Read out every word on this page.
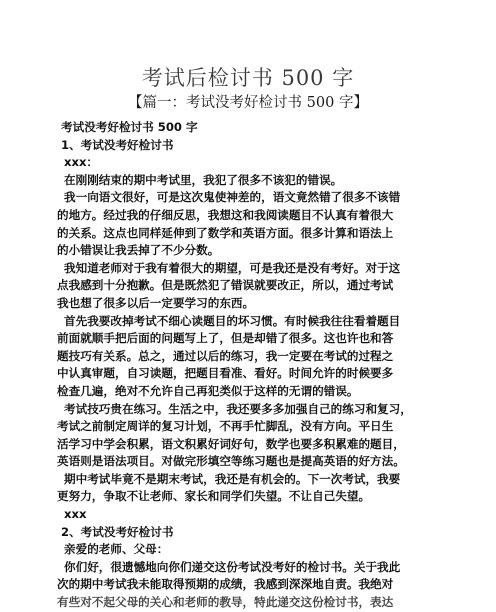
考试后检讨书 500 字
【篇一：考试没考好检讨书 500 字】
考试没考好检讨书 500 字
1、考试没考好检讨书
xxx：
在刚刚结束的期中考试里，我犯了很多不该犯的错误。
我一向语文很好，可是这次鬼使神差的，语文竟然错了很多不该错
的地方。经过我的仔细反思，我想这和我阅读题目不认真有着很大
的关系。这点也同样延伸到了数学和英语方面。很多计算和语法上
的小错误让我丢掉了不少分数。
我知道老师对于我有着很大的期望，可是我还是没有考好。对于这
点我感到十分抱歉。但是既然犯了错误就要改正，所以，通过考试
我也想了很多以后一定要学习的东西。
首先我要改掉考试不细心读题目的坏习惯。有时候我往往看着题目
前面就顺手把后面的问题写上了，但是却错了很多。这也许也和答
题技巧有关系。总之，通过以后的练习，我一定要在考试的过程之
中认真审题，自习读题，把题目看准、看好。时间允许的时候要多
检查几遍，绝对不允许自己再犯类似于这样的无谓的错误。
考试技巧贵在练习。生活之中，我还要多多加强自己的练习和复习，
考试之前制定周详的复习计划，不再手忙脚乱，没有方向。平日生
活学习中学会积累，语文积累好词好句，数学也要多积累难的题目，
英语则是语法项目。对做完形填空等练习题也是提高英语的好方法。
期中考试毕竟不是期末考试，我还是有机会的。下一次考试，我要
更努力，争取不让老师、家长和同学们失望。不让自己失望。
xxx
2、考试没考好检讨书
亲爱的老师、父母：
你们好，很遗憾地向你们递交这份考试没考好的检讨书。关于我此
次的期中考试我未能取得预期的成绩，我感到深深地自责。我绝对
有些对不起父母的关心和老师的教导，特此递交这份检讨书，表达
